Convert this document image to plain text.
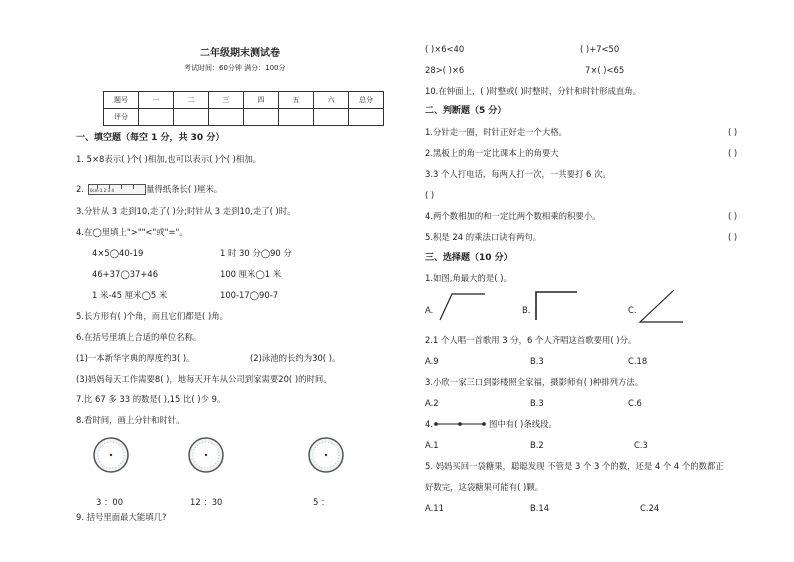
二年级期末测试卷
考试时间：60分钟 满分：100分
题号	一	二	三	四	五	六	总分
评分							
一、填空题（每空 1 分，共 30 分）
1. 5×8表示( )个( )相加,也可以表示( )个( )相加。
2. 0cm 1 2 3 4	量得纸条长( )厘米。
3.分针从 3 走到10,走了( )分;时针从 3 走到10,走了( )时。
4.在◯里填上">""<"或"="。
4×5◯40-19	1 时 30 分◯90 分
46+37◯37+46	100 厘米◯1 米
1 米-45 厘米◯5 米	100-17◯90-7
5.长方形有( )个角，而且它们都是( )角。
6.在括号里填上合适的单位名称。
(1)一本新华字典的厚度约3( )。	(2)泳池的长约为30( )。
(3)妈妈每天工作需要8( )，地每天开车从公司到家需要20( )的时间。
7.比 67 多 33 的数是( ),15 比( )少 9。
8.看时间，画上分针和时针。
3 ：00	12 ：30	5 ：
9. 括号里面最大能填几?
( )×6<40	( )+7<50
28>( )×6	7×( )<65
10.在钟面上，( )时整或( )时整时，分针和时针形成直角。
二、判断题（5 分）
1.分针走一圈，时针正好走一个大格。	( )
2.黑板上的角一定比课本上的角要大	( )
3.3 个人打电话，每两人打一次，一共要打 6 次。
( )
4.两个数相加的和一定比两个数相乘的积要小。	( )
5.积是 24 的乘法口诀有两句。	( )
三、选择题（10 分）
1.如图,角最大的是( )。
A.	B.	C.
2.1 个人唱一首歌用 3 分，6 个人齐唱这首歌要用( )分。
A.9	B.3	C.18
3.小欣一家三口到影楼照全家福，摄影师有( )种排列方法。
A.2	B.3	C.6
4.	图中有( )条线段。
A.1	B.2	C.3
5. 妈妈买回一袋糖果，聪聪发现 不管是 3 个 3 个的数，还是 4 个 4 个的数都正
好数完，这袋糖果可能有( )颗。
A.11	B.14	C.24
